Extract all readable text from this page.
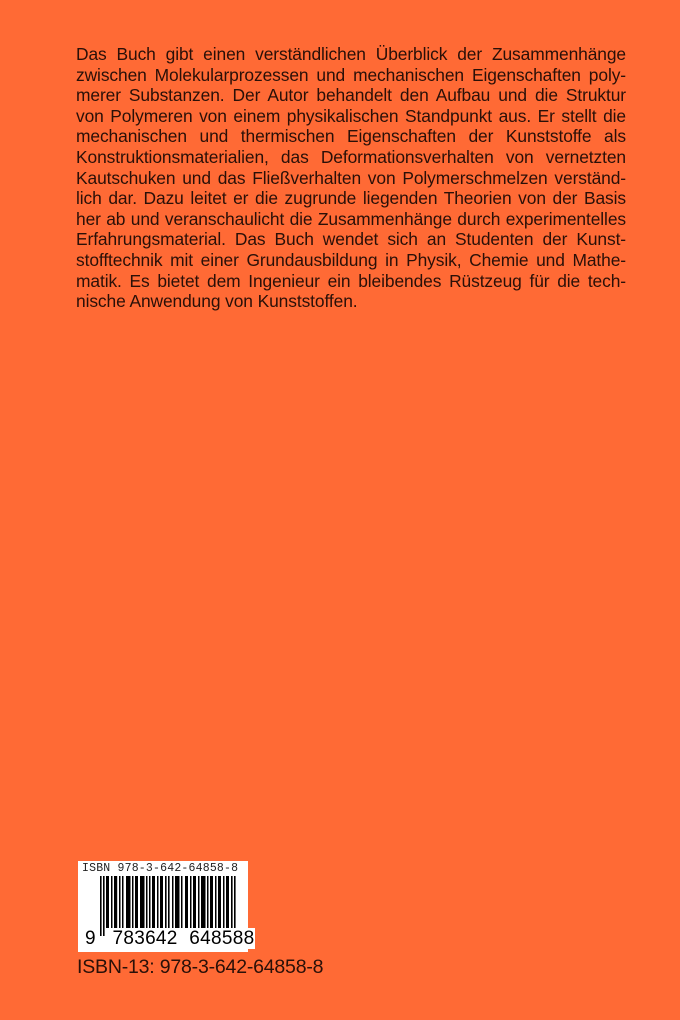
Das Buch gibt einen verständlichen Überblick der Zusammenhänge
zwischen Molekularprozessen und mechanischen Eigenschaften poly-
merer Substanzen. Der Autor behandelt den Aufbau und die Struktur
von Polymeren von einem physikalischen Standpunkt aus. Er stellt die
mechanischen und thermischen Eigenschaften der Kunststoffe als
Konstruktionsmaterialien, das Deformationsverhalten von vernetzten
Kautschuken und das Fließverhalten von Polymerschmelzen verständ-
lich dar. Dazu leitet er die zugrunde liegenden Theorien von der Basis
her ab und veranschaulicht die Zusammenhänge durch experimentelles
Erfahrungsmaterial. Das Buch wendet sich an Studenten der Kunst-
stofftechnik mit einer Grundausbildung in Physik, Chemie und Mathe-
matik. Es bietet dem Ingenieur ein bleibendes Rüstzeug für die tech-
nische Anwendung von Kunststoffen.
ISBN 978-3-642-64858-8
9 783642 648588
ISBN-13: 978-3-642-64858-8
